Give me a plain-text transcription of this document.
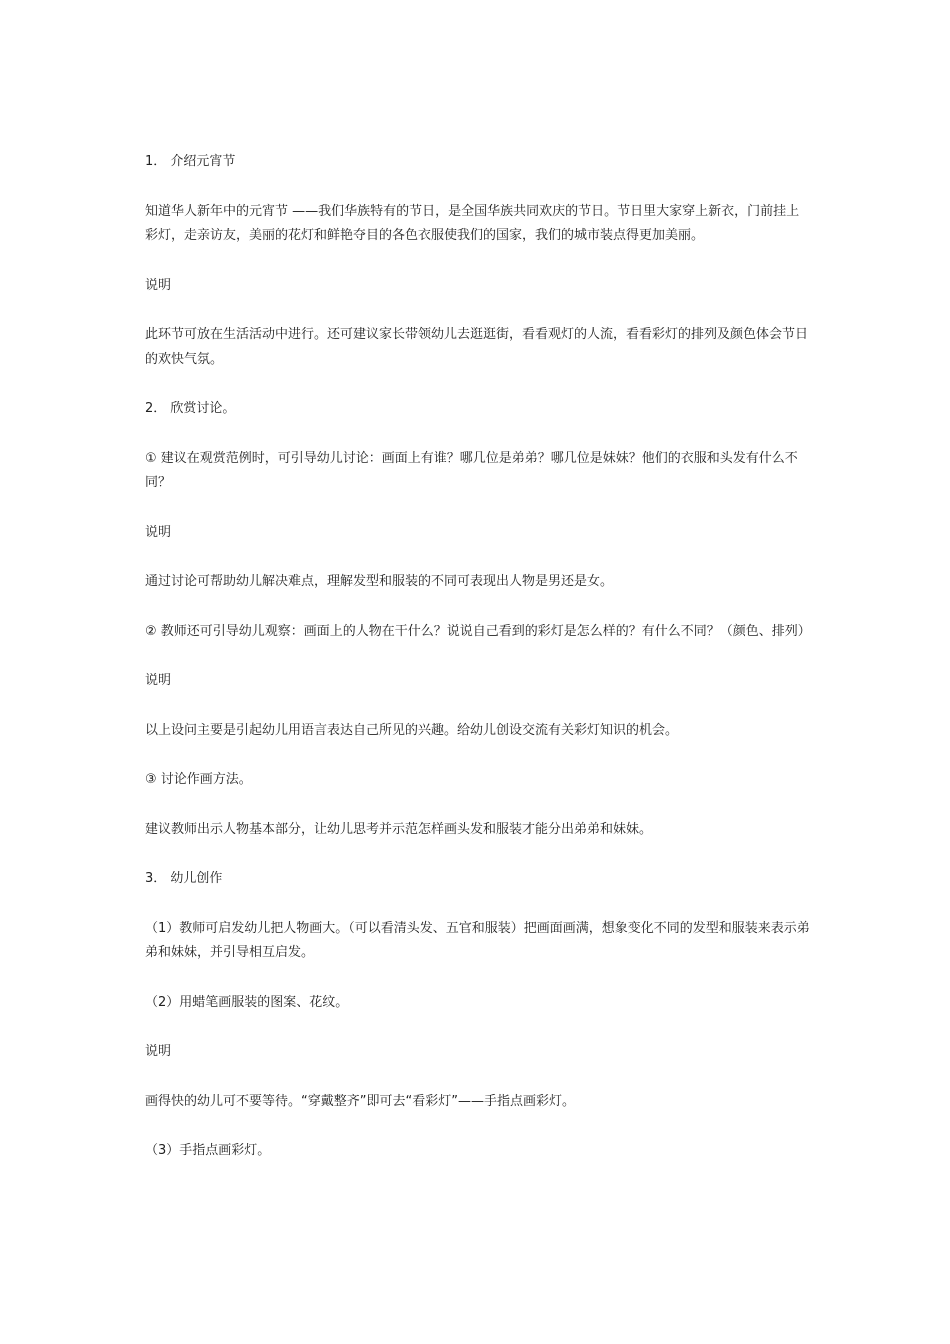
1． 介绍元宵节

知道华人新年中的元宵节 ——我们华族特有的节日，是全国华族共同欢庆的节日。节日里大家穿上新衣，门前挂上彩灯，走亲访友，美丽的花灯和鲜艳夺目的各色衣服使我们的国家，我们的城市装点得更加美丽。

说明

此环节可放在生活活动中进行。还可建议家长带领幼儿去逛逛街，看看观灯的人流，看看彩灯的排列及颜色体会节日的欢快气氛。

2． 欣赏讨论。

① 建议在观赏范例时，可引导幼儿讨论：画面上有谁？哪几位是弟弟？哪几位是妹妹？他们的衣服和头发有什么不同？

说明

通过讨论可帮助幼儿解决难点，理解发型和服装的不同可表现出人物是男还是女。

② 教师还可引导幼儿观察：画面上的人物在干什么？说说自己看到的彩灯是怎么样的？有什么不同？（颜色、排列）

说明

以上设问主要是引起幼儿用语言表达自己所见的兴趣。给幼儿创设交流有关彩灯知识的机会。

③ 讨论作画方法。

建议教师出示人物基本部分，让幼儿思考并示范怎样画头发和服装才能分出弟弟和妹妹。

3． 幼儿创作

（1）教师可启发幼儿把人物画大。（可以看清头发、五官和服装）把画面画满，想象变化不同的发型和服装来表示弟弟和妹妹，并引导相互启发。

（2）用蜡笔画服装的图案、花纹。

说明

画得快的幼儿可不要等待。“穿戴整齐”即可去“看彩灯”——手指点画彩灯。

（3）手指点画彩灯。
